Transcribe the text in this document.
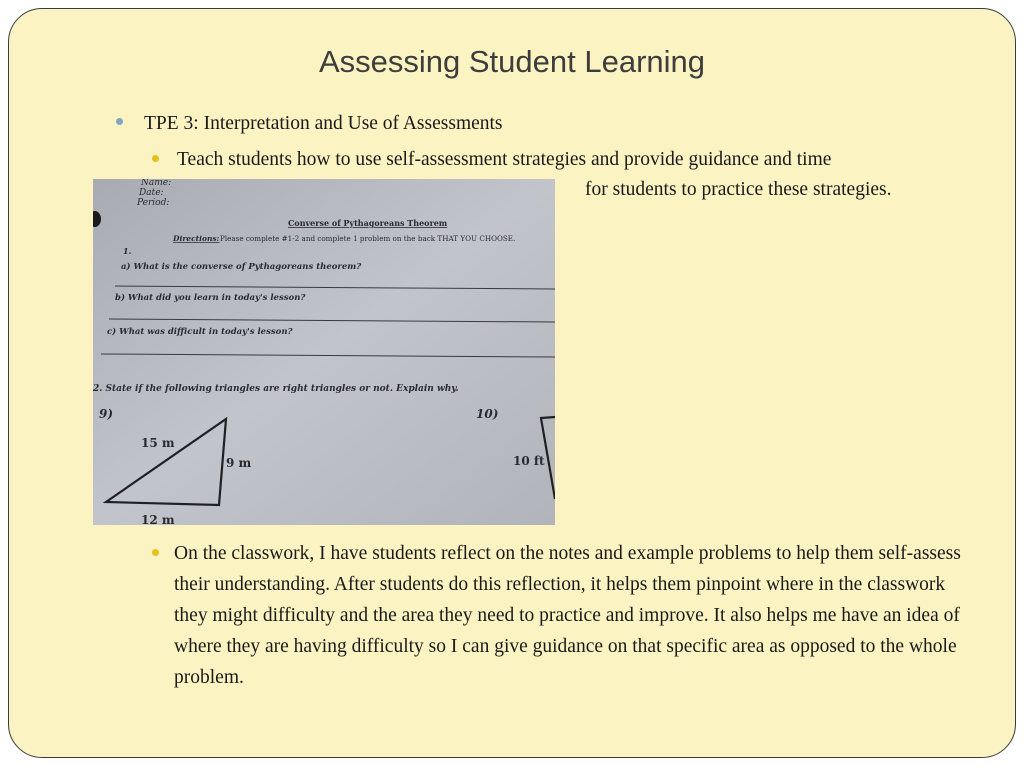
Assessing Student Learning
TPE 3: Interpretation and Use of Assessments
Teach students how to use self-assessment strategies and provide guidance and time
for students to practice these strategies.
Name:
Date:
Period:
Converse of Pythagoreans Theorem
Directions: Please complete #1-2 and complete 1 problem on the back THAT YOU CHOOSE.
1.
a) What is the converse of Pythagoreans theorem?
b) What did you learn in today's lesson?
c) What was difficult in today's lesson?
2. State if the following triangles are right triangles or not. Explain why.
9)	10)
15 m
9 m
12 m
10 ft
On the classwork, I have students reflect on the notes and example problems to help them self-assess their understanding. After students do this reflection, it helps them pinpoint where in the classwork they might difficulty and the area they need to practice and improve. It also helps me have an idea of where they are having difficulty so I can give guidance on that specific area as opposed to the whole problem.
